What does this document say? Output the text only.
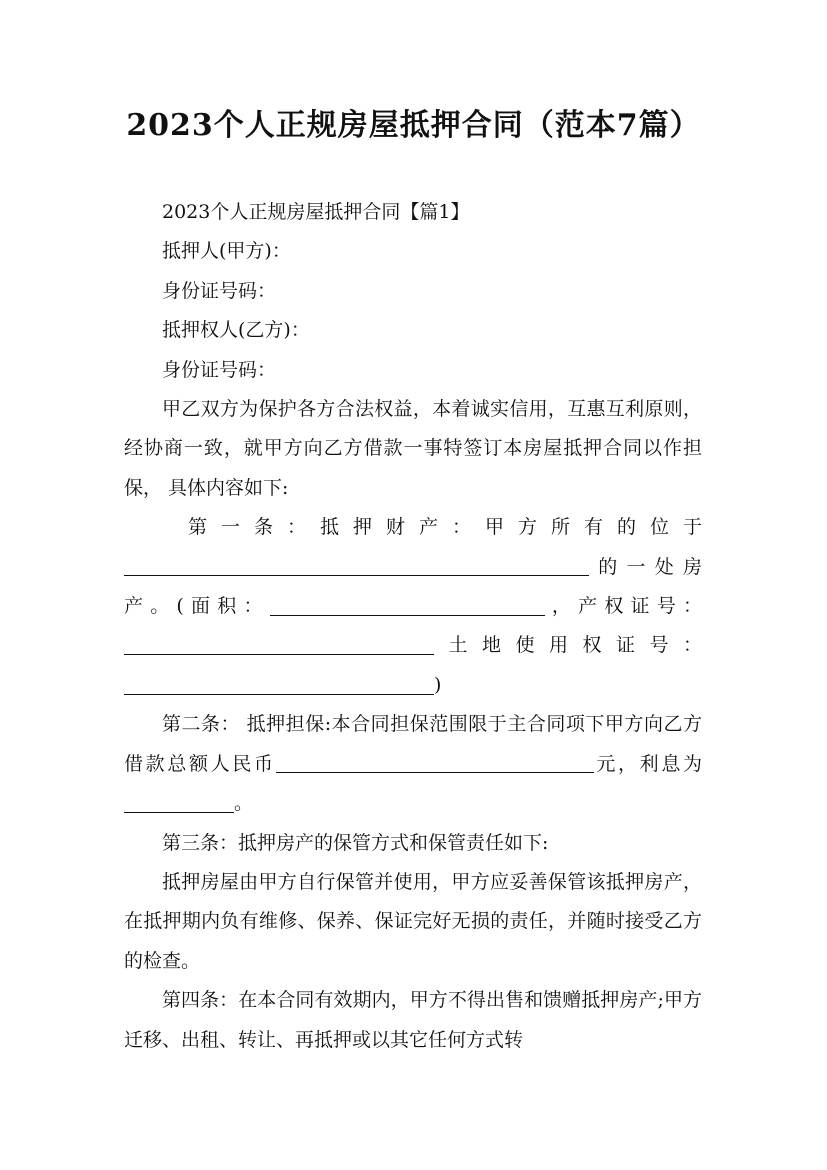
2023个人正规房屋抵押合同（范本7篇）

2023个人正规房屋抵押合同【篇1】

抵押人(甲方)：

身份证号码：

抵押权人(乙方)：

身份证号码：

甲乙双方为保护各方合法权益，本着诚实信用，互惠互利原则，经协商一致，就甲方向乙方借款一事特签订本房屋抵押合同以作担保， 具体内容如下:

第一条：抵押财产：甲方所有的位于
的一处房
产。(面积：	，产权证号：
土地使用权证号：
)

第二条： 抵押担保:本合同担保范围限于主合同项下甲方向乙方借款总额人民币	元，利息为。

第三条：抵押房产的保管方式和保管责任如下:

抵押房屋由甲方自行保管并使用，甲方应妥善保管该抵押房产，在抵押期内负有维修、保养、保证完好无损的责任，并随时接受乙方的检查。

第四条：在本合同有效期内，甲方不得出售和馈赠抵押房产;甲方迁移、出租、转让、再抵押或以其它任何方式转
